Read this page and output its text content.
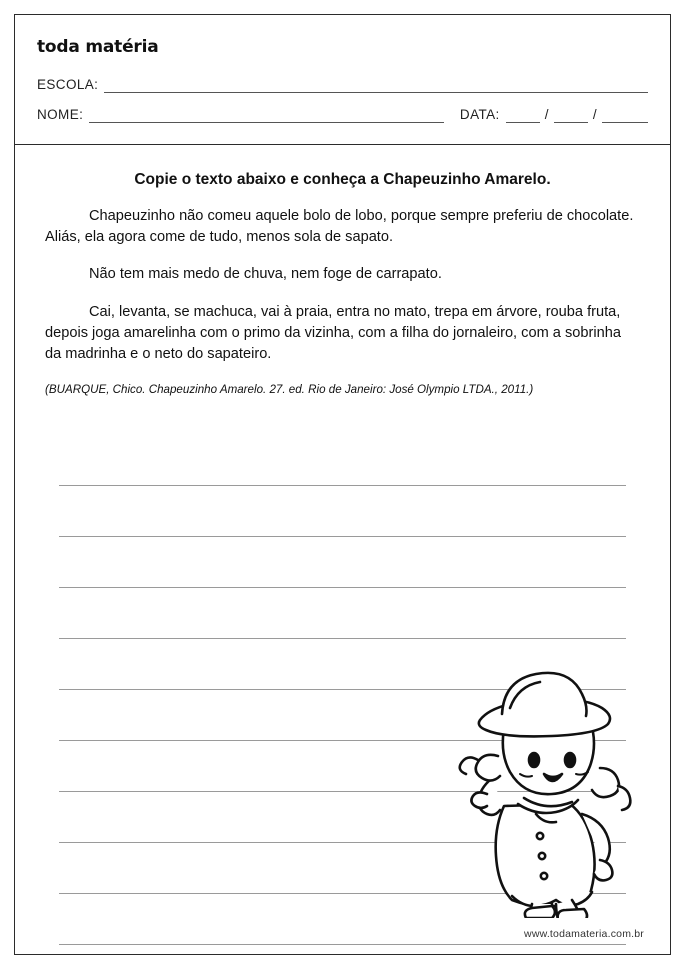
toda matéria
ESCOLA:
NOME:	DATA:	/	/
Copie o texto abaixo e conheça a Chapeuzinho Amarelo.

Chapeuzinho não comeu aquele bolo de lobo, porque sempre preferiu de chocolate. Aliás, ela agora come de tudo, menos sola de sapato.

Não tem mais medo de chuva, nem foge de carrapato.

Cai, levanta, se machuca, vai à praia, entra no mato, trepa em árvore, rouba fruta, depois joga amarelinha com o primo da vizinha, com a filha do jornaleiro, com a sobrinha da madrinha e o neto do sapateiro.

(BUARQUE, Chico. Chapeuzinho Amarelo. 27. ed. Rio de Janeiro: José Olympio LTDA., 2011.)

www.todamateria.com.br
